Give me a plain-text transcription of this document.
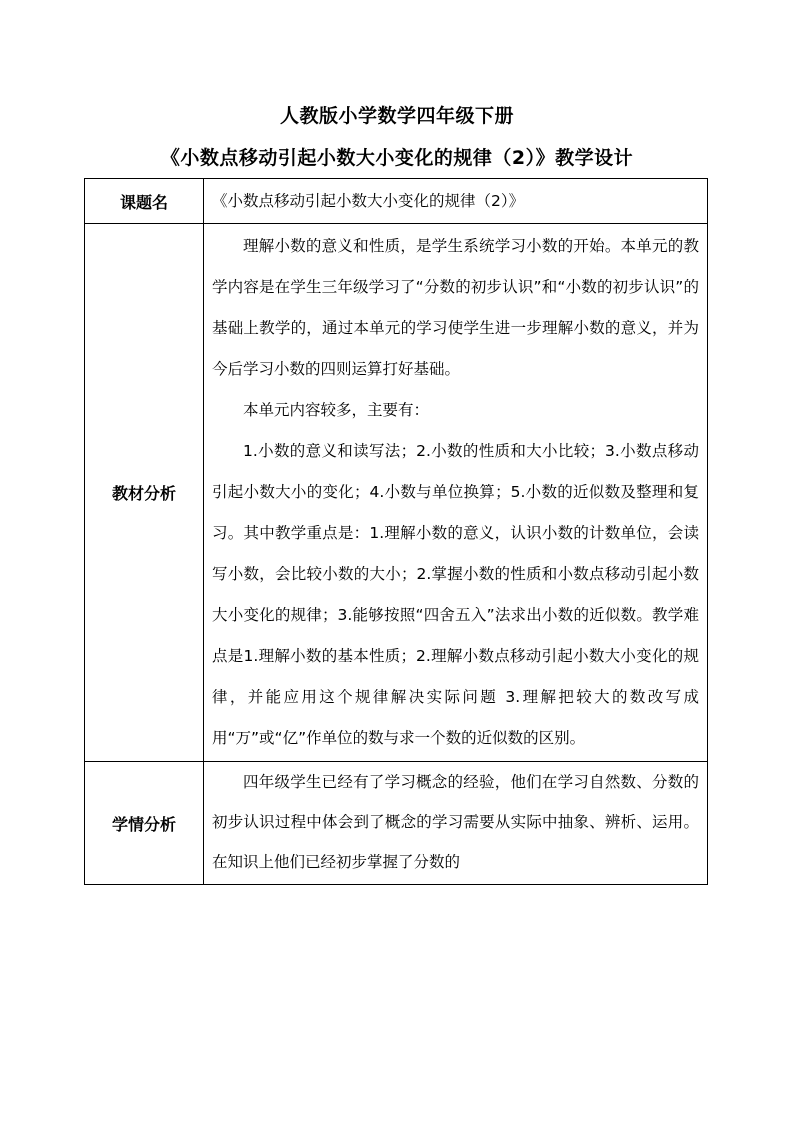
人教版小学数学四年级下册
《小数点移动引起小数大小变化的规律（2）》教学设计
课题名	《小数点移动引起小数大小变化的规律（2）》
教材分析	理解小数的意义和性质，是学生系统学习小数的开始。本单元的教学内容是在学生三年级学习了“分数的初步认识”和“小数的初步认识”的基础上教学的，通过本单元的学习使学生进一步理解小数的意义，并为今后学习小数的四则运算打好基础。

本单元内容较多，主要有：

1.小数的意义和读写法；2.小数的性质和大小比较；3.小数点移动引起小数大小的变化；4.小数与单位换算；5.小数的近似数及整理和复习。其中教学重点是：1.理解小数的意义，认识小数的计数单位，会读写小数，会比较小数的大小；2.掌握小数的性质和小数点移动引起小数大小变化的规律；3.能够按照“四舍五入”法求出小数的近似数。教学难点是1.理解小数的基本性质；2.理解小数点移动引起小数大小变化的规律，并能应用这个规律解决实际问题 3.理解把较大的数改写成用“万”或“亿”作单位的数与求一个数的近似数的区别。

学情分析	四年级学生已经有了学习概念的经验，他们在学习自然数、分数的初步认识过程中体会到了概念的学习需要从实际中抽象、辨析、运用。在知识上他们已经初步掌握了分数的
